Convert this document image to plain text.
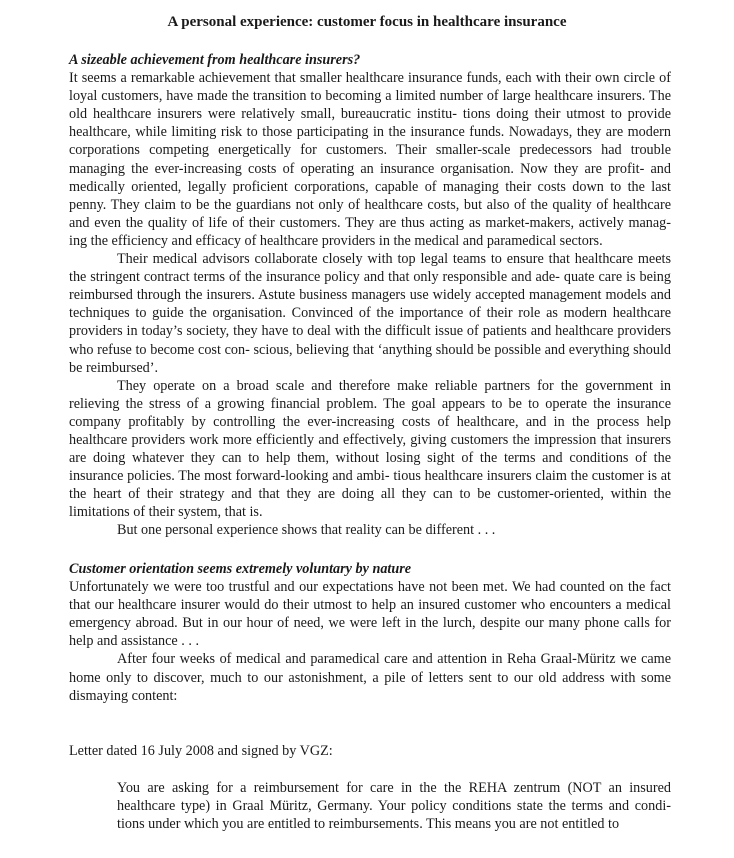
A personal experience: customer focus in healthcare insurance

A sizeable achievement from healthcare insurers?

It seems a remarkable achievement that smaller healthcare insurance funds, each with their own circle of loyal customers, have made the transition to becoming a limited number of large healthcare insurers. The old healthcare insurers were relatively small, bureaucratic institu- tions doing their utmost to provide healthcare, while limiting risk to those participating in the insurance funds. Nowadays, they are modern corporations competing energetically for customers. Their smaller-scale predecessors had trouble managing the ever-increasing costs of operating an insurance organisation. Now they are profit- and medically oriented, legally proficient corporations, capable of managing their costs down to the last penny. They claim to be the guardians not only of healthcare costs, but also of the quality of healthcare and even the quality of life of their customers. They are thus acting as market-makers, actively manag- ing the efficiency and efficacy of healthcare providers in the medical and paramedical sectors.

Their medical advisors collaborate closely with top legal teams to ensure that healthcare meets the stringent contract terms of the insurance policy and that only responsible and ade- quate care is being reimbursed through the insurers. Astute business managers use widely accepted management models and techniques to guide the organisation. Convinced of the importance of their role as modern healthcare providers in today’s society, they have to deal with the difficult issue of patients and healthcare providers who refuse to become cost con- scious, believing that ‘anything should be possible and everything should be reimbursed’.

They operate on a broad scale and therefore make reliable partners for the government in relieving the stress of a growing financial problem. The goal appears to be to operate the insurance company profitably by controlling the ever-increasing costs of healthcare, and in the process help healthcare providers work more efficiently and effectively, giving customers the impression that insurers are doing whatever they can to help them, without losing sight of the terms and conditions of the insurance policies. The most forward-looking and ambi- tious healthcare insurers claim the customer is at the heart of their strategy and that they are doing all they can to be customer-oriented, within the limitations of their system, that is.

But one personal experience shows that reality can be different . . .

Customer orientation seems extremely voluntary by nature

Unfortunately we were too trustful and our expectations have not been met. We had counted on the fact that our healthcare insurer would do their utmost to help an insured customer who encounters a medical emergency abroad. But in our hour of need, we were left in the lurch, despite our many phone calls for help and assistance . . .

After four weeks of medical and paramedical care and attention in Reha Graal-Müritz we came home only to discover, much to our astonishment, a pile of letters sent to our old address with some dismaying content:

Letter dated 16 July 2008 and signed by VGZ:

You are asking for a reimbursement for care in the the REHA zentrum (NOT an insured healthcare type) in Graal Müritz, Germany. Your policy conditions state the terms and condi- tions under which you are entitled to reimbursements. This means you are not entitled to
